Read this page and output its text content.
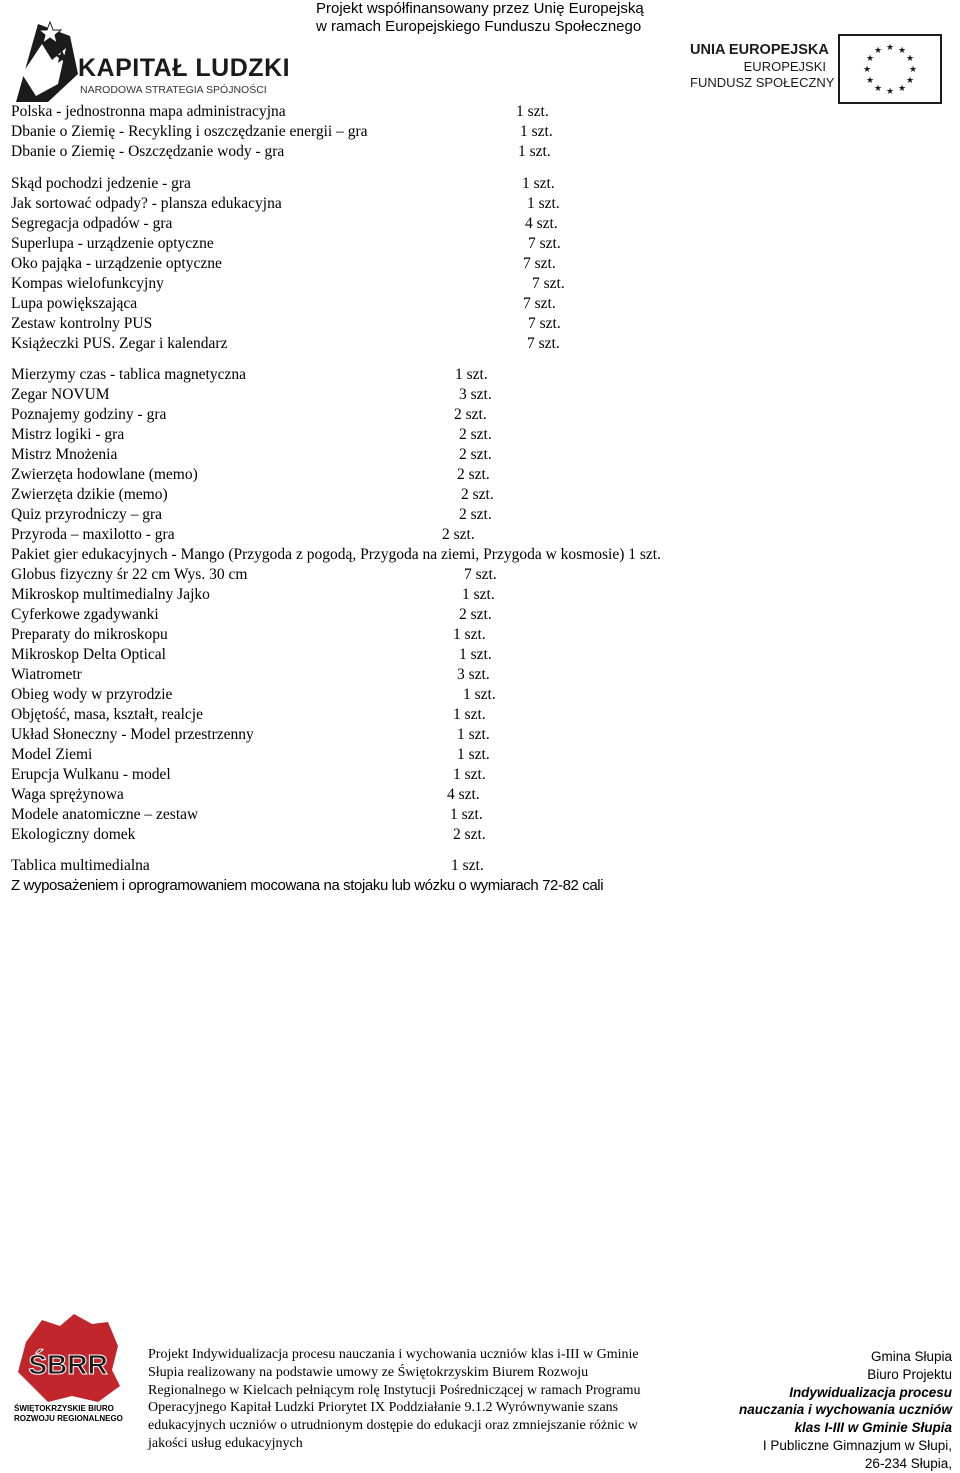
Projekt współfinansowany przez Unię Europejską
w ramach Europejskiego Funduszu Społecznego
KAPITAŁ LUDZKI
NARODOWA STRATEGIA SPÓJNOŚCI
UNIA EUROPEJSKA
EUROPEJSKI
FUNDUSZ SPOŁECZNY
★ ★
★
★
★
★
★
★
★
★
★
★
Polska - jednostronna mapa administracyjna	1 szt.
Dbanie o Ziemię - Recykling i oszczędzanie energii – gra	1 szt.
Dbanie o Ziemię - Oszczędzanie wody - gra	1 szt.
Skąd pochodzi jedzenie - gra	1 szt.
Jak sortować odpady? - plansza edukacyjna	1 szt.
Segregacja odpadów - gra	4 szt.
Superlupa - urządzenie optyczne	7 szt.
Oko pająka - urządzenie optyczne	7 szt.
Kompas wielofunkcyjny	7 szt.
Lupa powiększająca	7 szt.
Zestaw kontrolny PUS	7 szt.
Książeczki PUS. Zegar i kalendarz	7 szt.
Mierzymy czas - tablica magnetyczna	1 szt.
Zegar NOVUM	3 szt.
Poznajemy godziny - gra	2 szt.
Mistrz logiki - gra	2 szt.
Mistrz Mnożenia	2 szt.
Zwierzęta hodowlane (memo)	2 szt.
Zwierzęta dzikie (memo)	2 szt.
Quiz przyrodniczy – gra	2 szt.
Przyroda – maxilotto - gra	2 szt.
Pakiet gier edukacyjnych - Mango (Przygoda z pogodą, Przygoda na ziemi, Przygoda w kosmosie) 1 szt.
Globus fizyczny śr 22 cm Wys. 30 cm	7 szt.
Mikroskop multimedialny Jajko	1 szt.
Cyferkowe zgadywanki	2 szt.
Preparaty do mikroskopu	1 szt.
Mikroskop Delta Optical	1 szt.
Wiatrometr	3 szt.
Obieg wody w przyrodzie	1 szt.
Objętość, masa, kształt, realcje	1 szt.
Układ Słoneczny - Model przestrzenny	1 szt.
Model Ziemi	1 szt.
Erupcja Wulkanu - model	1 szt.
Waga sprężynowa	4 szt.
Modele anatomiczne – zestaw	1 szt.
Ekologiczny domek	2 szt.
Tablica multimedialna	1 szt.
Z wyposażeniem i oprogramowaniem mocowana na stojaku lub wózku o wymiarach 72-82 cali
ŚBRR
ŚWIĘTOKRZYSKIE BIURO
ROZWOJU REGIONALNEGO
Projekt Indywidualizacja procesu nauczania i wychowania uczniów klas i-III w Gminie
Słupia realizowany na podstawie umowy ze Świętokrzyskim Biurem Rozwoju
Regionalnego w Kielcach pełniącym rolę Instytucji Pośredniczącej w ramach Programu
Operacyjnego Kapitał Ludzki Priorytet IX Poddziałanie 9.1.2 Wyrównywanie szans
edukacyjnych uczniów o utrudnionym dostępie do edukacji oraz zmniejszanie różnic w
jakości usług edukacyjnych
Gmina Słupia
Biuro Projektu
Indywidualizacja procesu
nauczania i wychowania uczniów
klas I-III w Gminie Słupia
I Publiczne Gimnazjum w Słupi,
26-234 Słupia,
